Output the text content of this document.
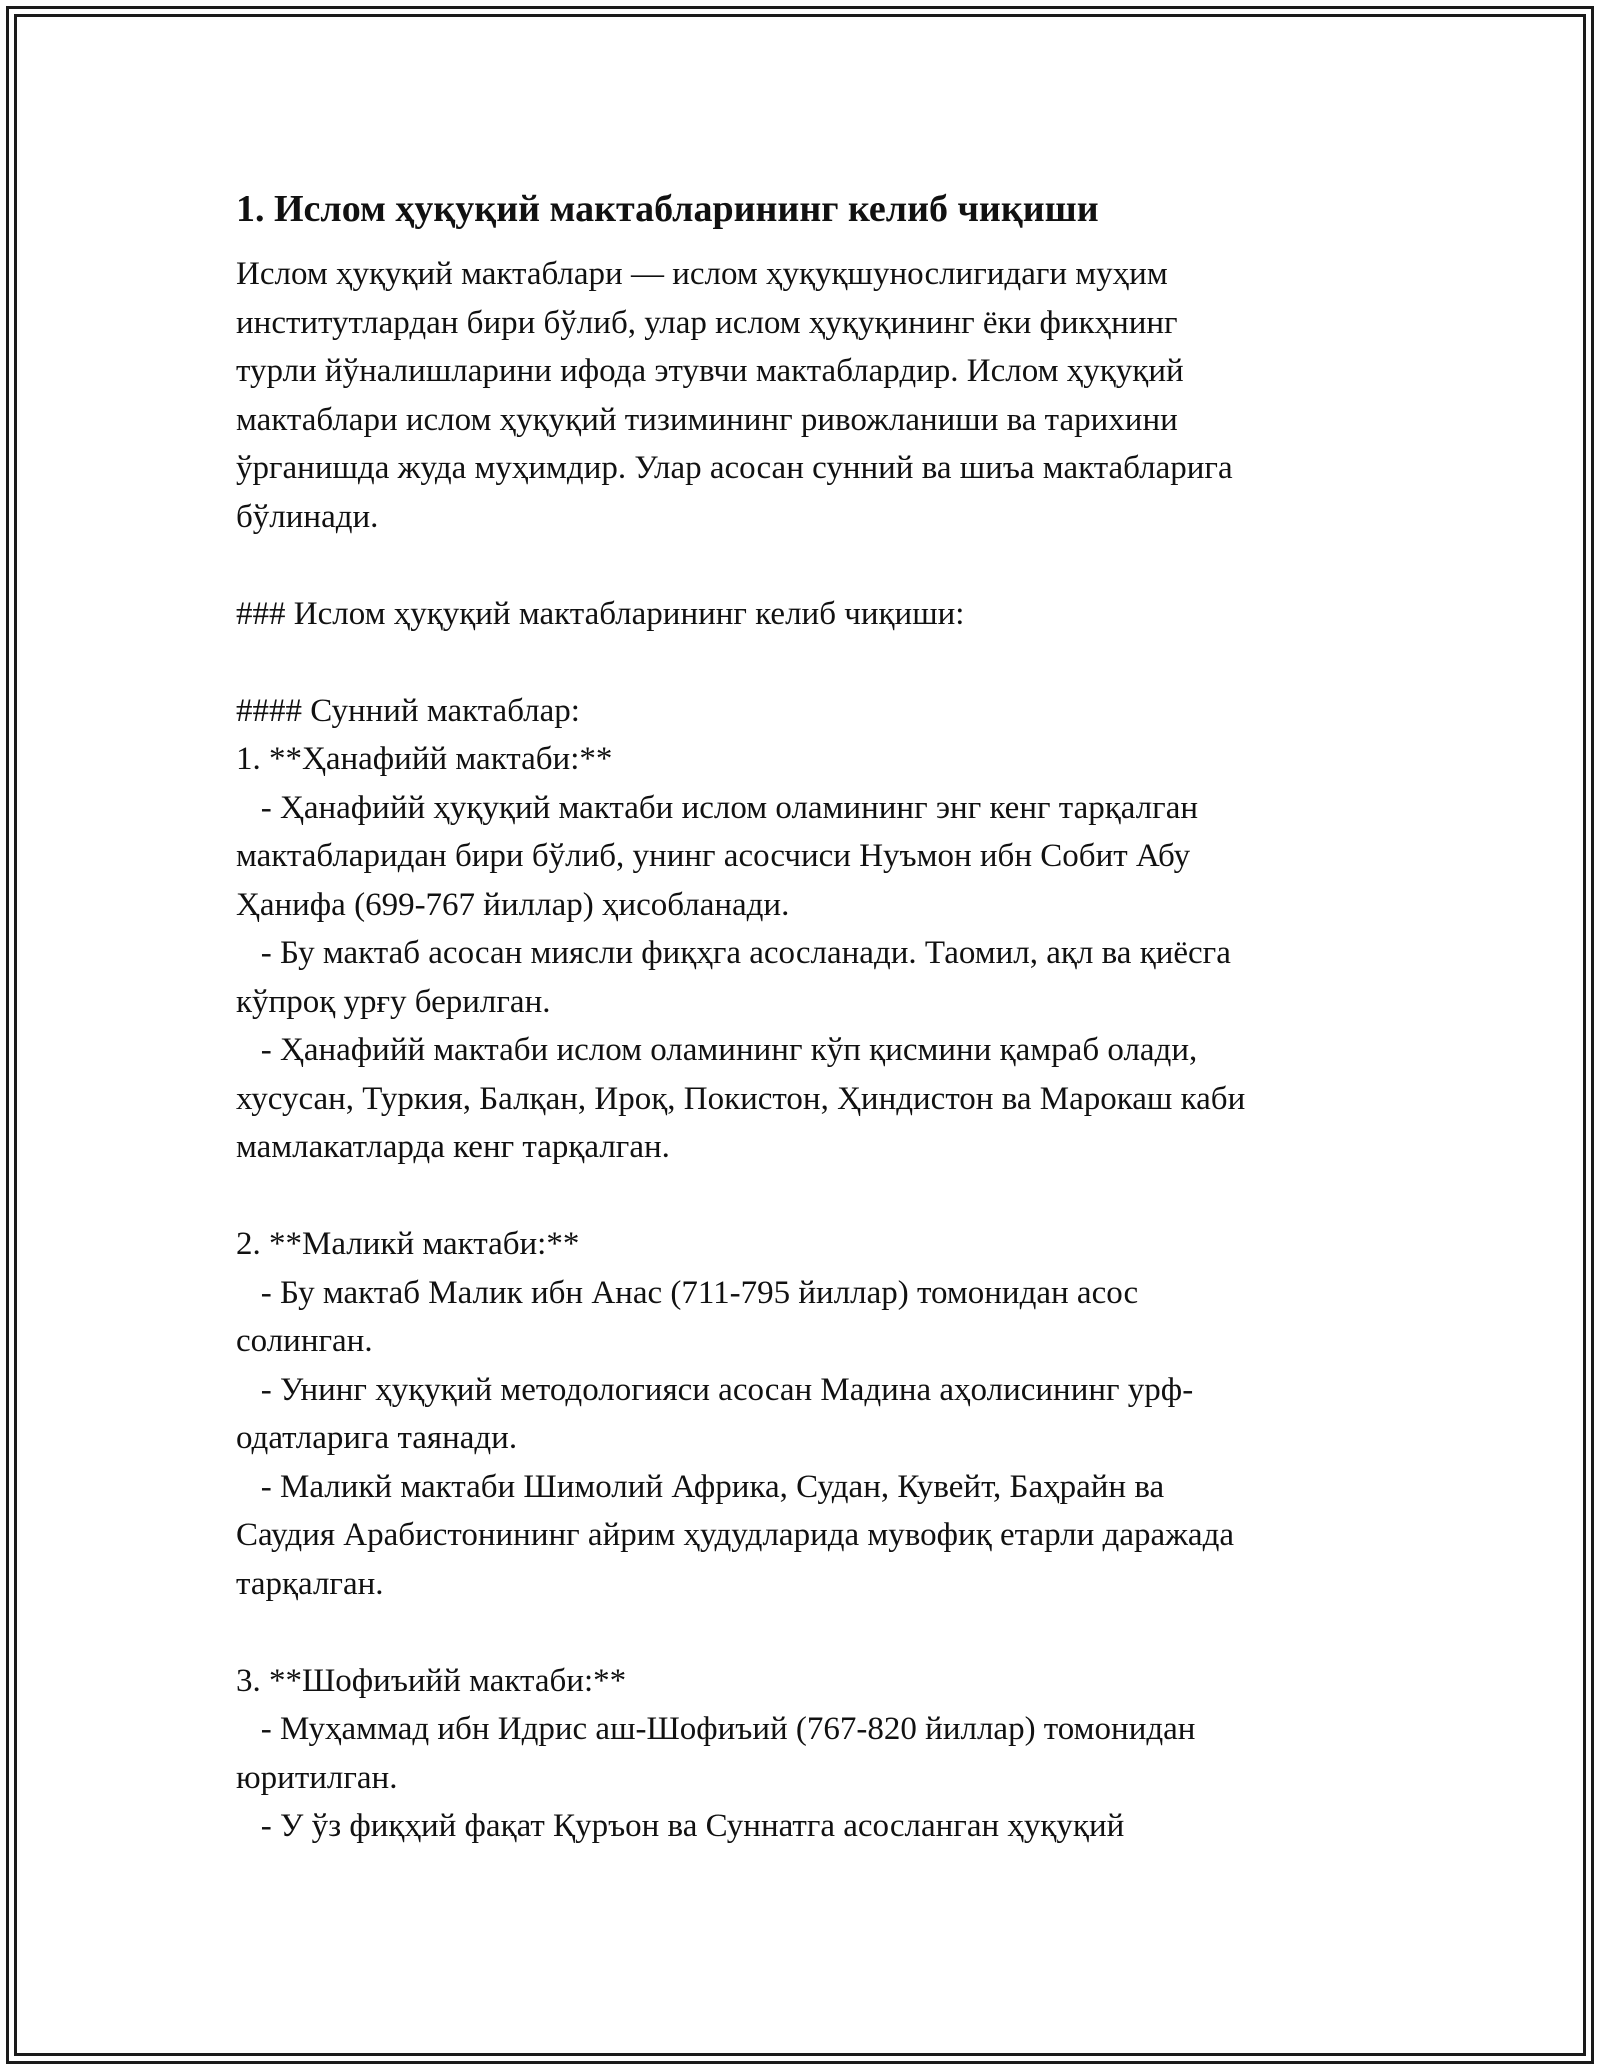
1. Ислом ҳуқуқий мактабларининг келиб чиқиши
Ислом ҳуқуқий мактаблари — ислом ҳуқуқшунослигидаги муҳим
институтлардан бири бўлиб, улар ислом ҳуқуқининг ёки фикҳнинг
турли йўналишларини ифода этувчи мактаблардир. Ислом ҳуқуқий
мактаблари ислом ҳуқуқий тизимининг ривожланиши ва тарихини
ўрганишда жуда муҳимдир. Улар асосан сунний ва шиъа мактабларига
бўлинади.
### Ислом ҳуқуқий мактабларининг келиб чиқиши:
#### Сунний мактаблар:
1. **Ҳанафийй мактаби:**
- Ҳанафийй ҳуқуқий мактаби ислом оламининг энг кенг тарқалган
мактабларидан бири бўлиб, унинг асосчиси Нуъмон ибн Собит Абу
Ҳанифа (699-767 йиллар) ҳисобланади.
- Бу мактаб асосан миясли фиқҳга асосланади. Таомил, ақл ва қиёсга
кўпроқ урғу берилган.
- Ҳанафийй мактаби ислом оламининг кўп қисмини қамраб олади,
хусусан, Туркия, Балқан, Ироқ, Покистон, Ҳиндистон ва Марокаш каби
мамлакатларда кенг тарқалган.
2. **Маликй мактаби:**
- Бу мактаб Малик ибн Анас (711-795 йиллар) томонидан асос
солинган.
- Унинг ҳуқуқий методологияси асосан Мадина аҳолисининг урф-
одатларига таянади.
- Маликй мактаби Шимолий Африка, Судан, Кувейт, Баҳрайн ва
Саудия Арабистонининг айрим ҳудудларида мувофиқ етарли даражада
тарқалган.
3. **Шофиъийй мактаби:**
- Муҳаммад ибн Идрис аш-Шофиъий (767-820 йиллар) томонидан
юритилган.
- У ўз фиқҳий фақат Қуръон ва Суннатга асосланган ҳуқуқий
